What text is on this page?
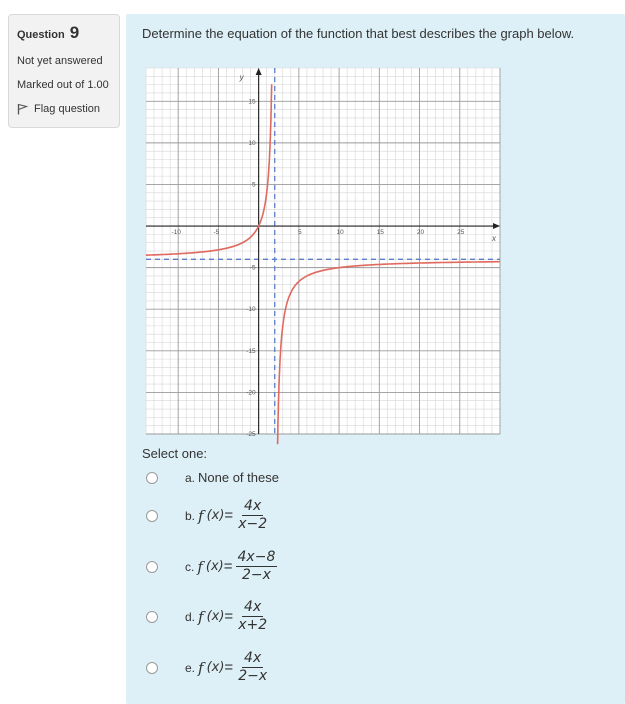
Question 9
Not yet answered
Marked out of 1.00
Flag question
Determine the equation of the function that best describes the graph below.
x
y
-10	-5	5	10	15	20	25
15
10
5
-5
-10
-15
-20
-25
Select one:
a. None of these
b. f $(x) = \frac{4x}{x-2}$
c. f $(x) = \frac{4x-8}{2-x}$
d. f $(x) = \frac{4x}{x+2}$
e. f $(x) = \frac{4x}{2-x}$
